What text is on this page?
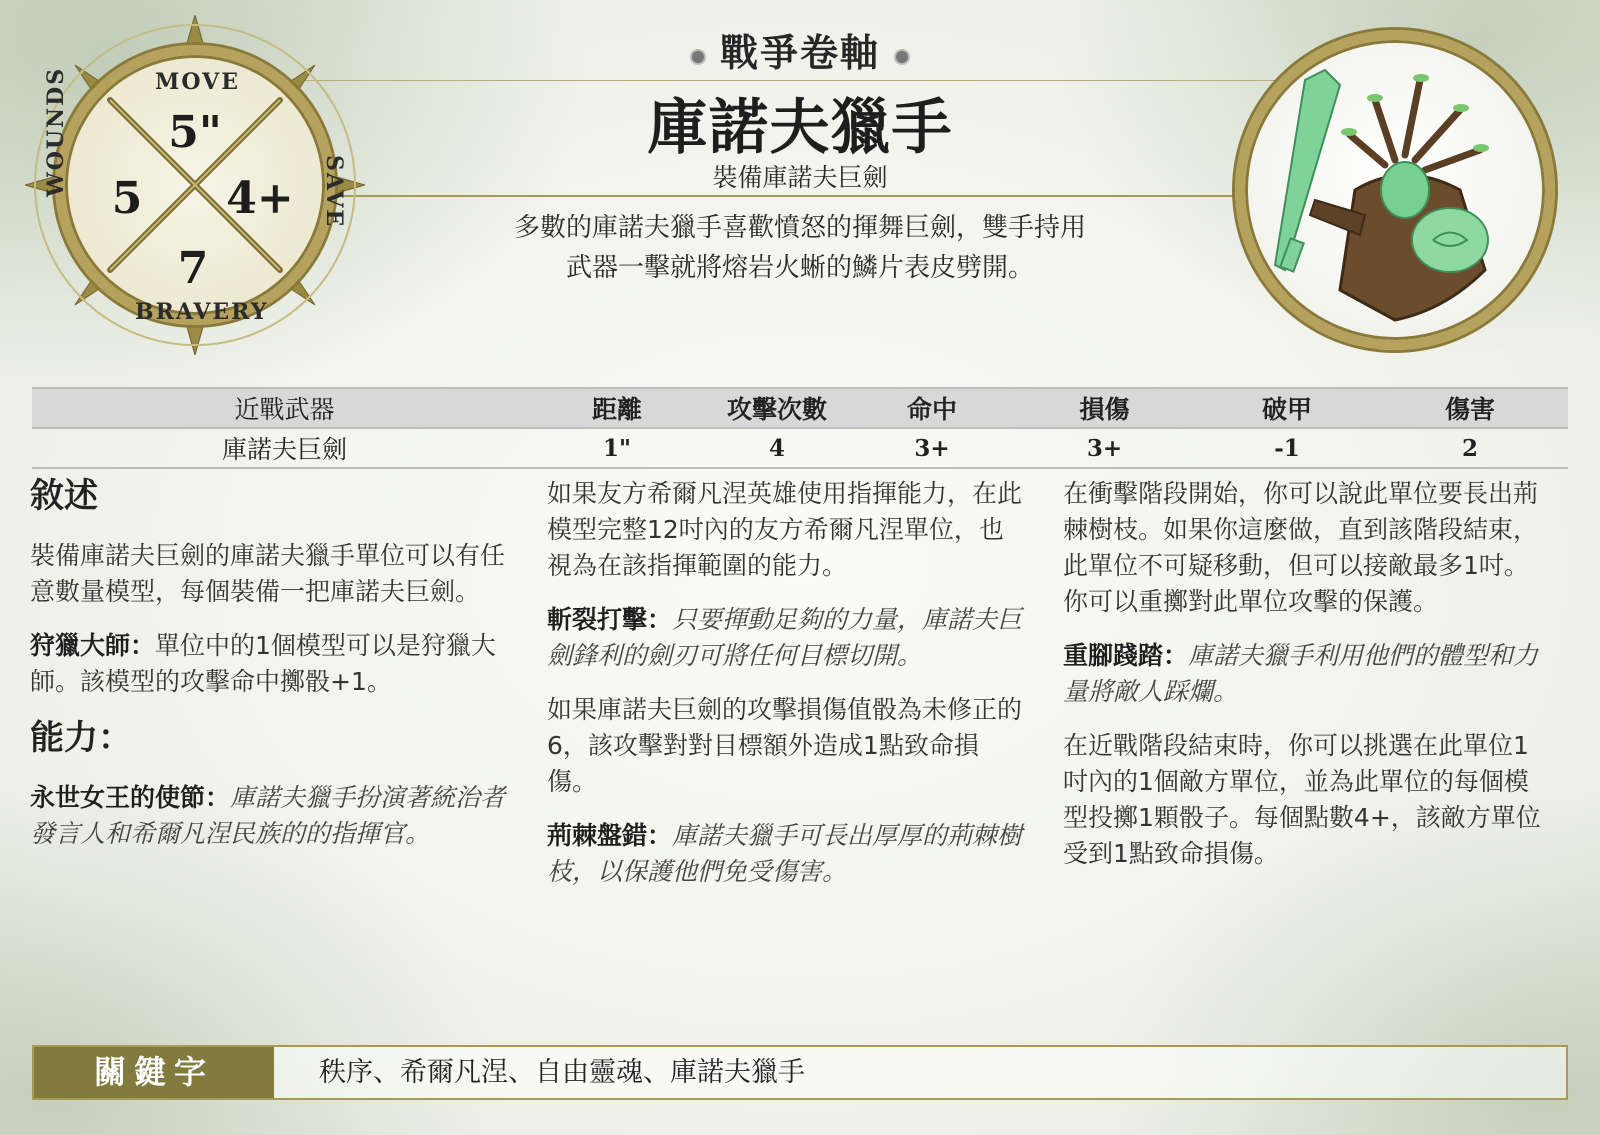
戰爭卷軸
庫諾夫獵手
裝備庫諾夫巨劍
多數的庫諾夫獵手喜歡憤怒的揮舞巨劍，雙手持用
武器一擊就將熔岩火蜥的鱗片表皮劈開。
MOVE
5"
WOUNDS
5	SAVE
4+
7
BRAVERY
近戰武器	距離	攻擊次數	命中	損傷	破甲	傷害
庫諾夫巨劍	1"	4	3+	3+	-1	2

敘述

裝備庫諾夫巨劍的庫諾夫獵手單位可以有任意數量模型，每個裝備一把庫諾夫巨劍。

狩獵大師：單位中的1個模型可以是狩獵大師。該模型的攻擊命中擲骰+1。

能力：

永世女王的使節：庫諾夫獵手扮演著統治者發言人和希爾凡涅民族的的指揮官。

如果友方希爾凡涅英雄使用指揮能力，在此模型完整12吋內的友方希爾凡涅單位，也視為在該指揮範圍的能力。

斬裂打擊：只要揮動足夠的力量，庫諾夫巨劍鋒利的劍刃可將任何目標切開。

如果庫諾夫巨劍的攻擊損傷值骰為未修正的6，該攻擊對對目標額外造成1點致命損傷。

荊棘盤錯：庫諾夫獵手可長出厚厚的荊棘樹枝，以保護他們免受傷害。

在衝擊階段開始，你可以說此單位要長出荊棘樹枝。如果你這麼做，直到該階段結束，此單位不可疑移動，但可以接敵最多1吋。你可以重擲對此單位攻擊的保護。

重腳踐踏：庫諾夫獵手利用他們的體型和力量將敵人踩爛。

在近戰階段結束時，你可以挑選在此單位1吋內的1個敵方單位，並為此單位的每個模型投擲1顆骰子。每個點數4+，該敵方單位受到1點致命損傷。

關鍵字	秩序、希爾凡涅、自由靈魂、庫諾夫獵手
